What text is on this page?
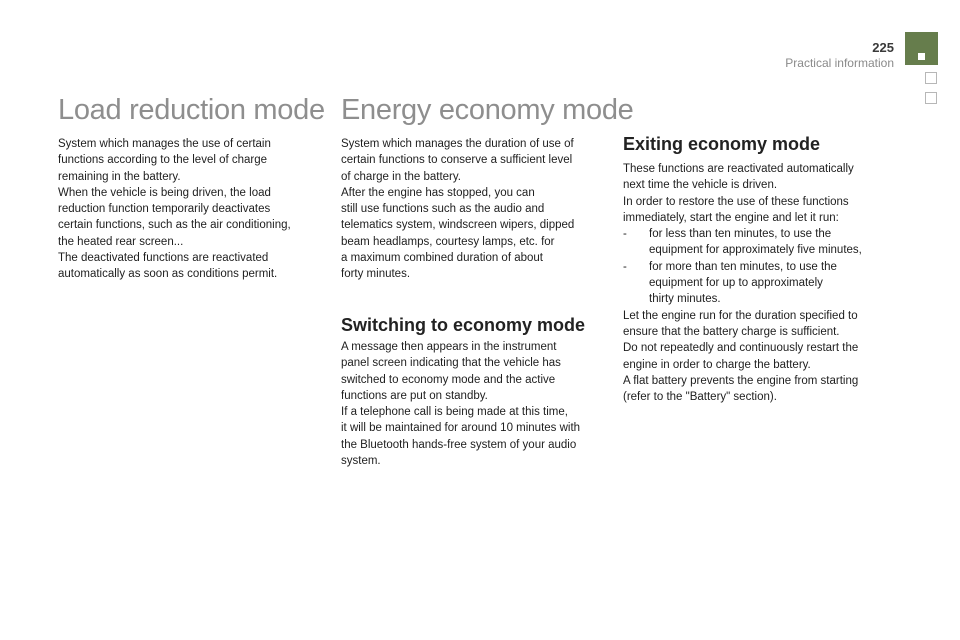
225
Practical information
Load reduction mode Energy economy mode

System which manages the use of certain

functions according to the level of charge

remaining in the battery.

When the vehicle is being driven, the load

reduction function temporarily deactivates

certain functions, such as the air conditioning,

the heated rear screen...

The deactivated functions are reactivated

automatically as soon as conditions permit.

System which manages the duration of use of

certain functions to conserve a sufficient level

of charge in the battery.

After the engine has stopped, you can

still use functions such as the audio and

telematics system, windscreen wipers, dipped

beam headlamps, courtesy lamps, etc. for

a maximum combined duration of about

forty minutes.

Switching to economy mode

A message then appears in the instrument

panel screen indicating that the vehicle has

switched to economy mode and the active

functions are put on standby.

If a telephone call is being made at this time,

it will be maintained for around 10 minutes with

the Bluetooth hands-free system of your audio

system.

Exiting economy mode

These functions are reactivated automatically

next time the vehicle is driven.

In order to restore the use of these functions

immediately, start the engine and let it run:

-	for less than ten minutes, to use the

equipment for approximately five minutes,

-	for more than ten minutes, to use the

equipment for up to approximately

thirty minutes.

Let the engine run for the duration specified to

ensure that the battery charge is sufficient.

Do not repeatedly and continuously restart the

engine in order to charge the battery.

A flat battery prevents the engine from starting

(refer to the "Battery" section).
